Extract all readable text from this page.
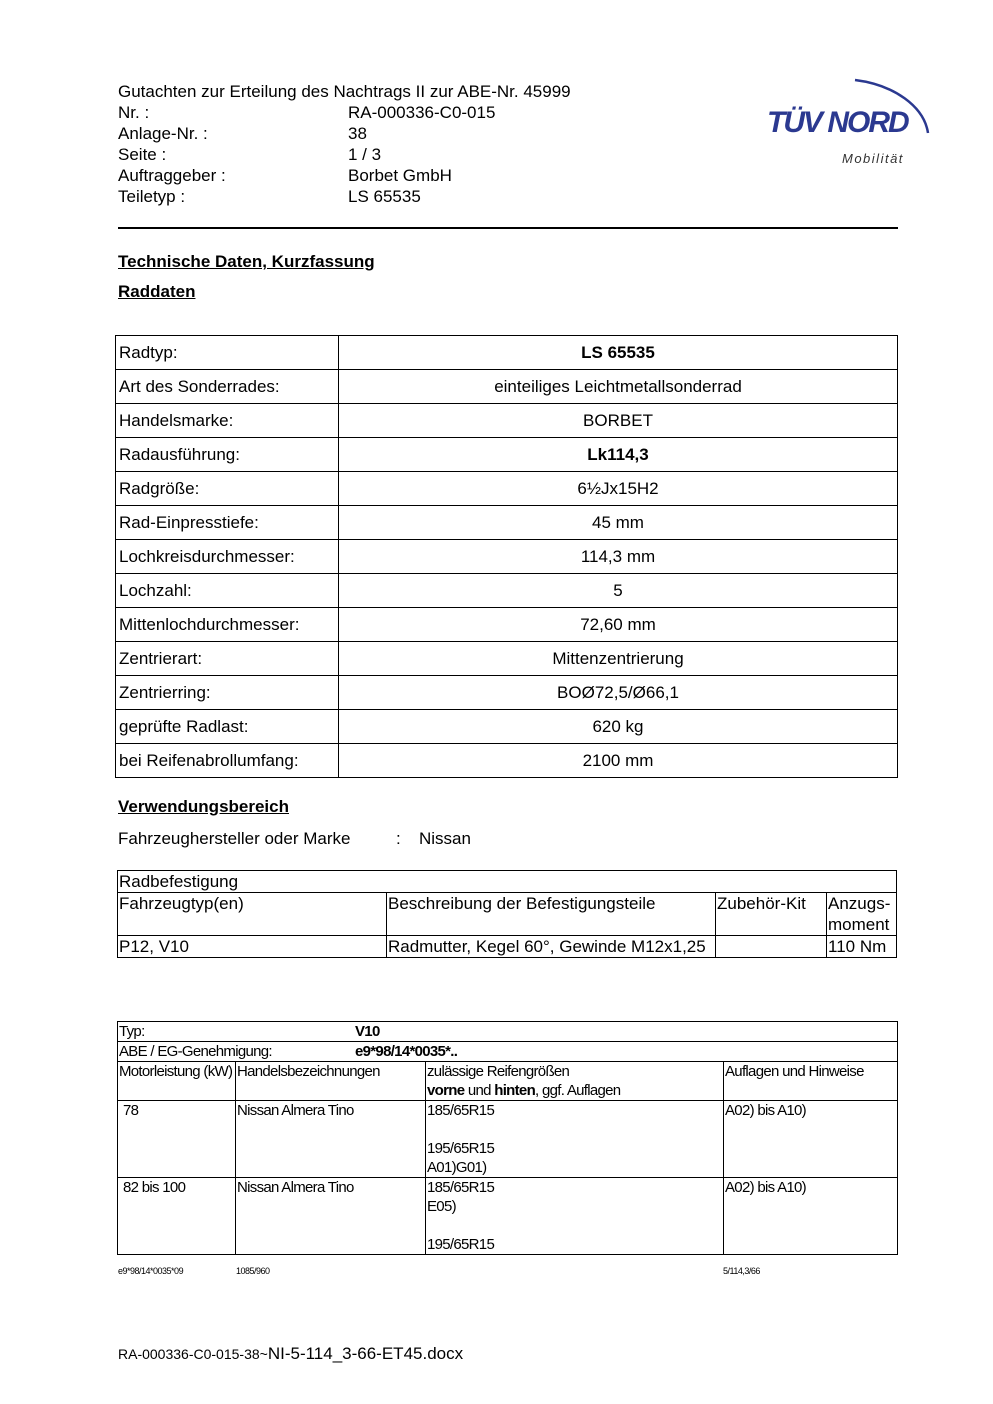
Gutachten zur Erteilung des Nachtrags II zur ABE-Nr. 45999
Nr. :	RA-000336-C0-015
Anlage-Nr. :	38
Seite :	1 / 3
Auftraggeber :	Borbet GmbH
Teiletyp :	LS 65535
TÜV NORD
Mobilität
Technische Daten, Kurzfassung
Raddaten
Radtyp:	LS 65535
Art des Sonderrades:	einteiliges Leichtmetallsonderrad
Handelsmarke:	BORBET
Radausführung:	Lk114,3
Radgröße:	6½Jx15H2
Rad-Einpresstiefe:	45 mm
Lochkreisdurchmesser:	114,3 mm
Lochzahl:	5
Mittenlochdurchmesser:	72,60 mm
Zentrierart:	Mittenzentrierung
Zentrierring:	BOØ72,5/Ø66,1
geprüfte Radlast:	620 kg
bei Reifenabrollumfang:	2100 mm
Verwendungsbereich
Fahrzeughersteller oder Marke	: Nissan
Radbefestigung			
Fahrzeugtyp(en)	Beschreibung der Befestigungsteile	Zubehör-Kit	Anzugs-moment
P12, V10	Radmutter, Kegel 60°, Gewinde M12x1,25		110 Nm
Typ: V10			
ABE / EG-Genehmigung: e9*98/14*0035*..			
Motorleistung (kW)	Handelsbezeichnungen	zulässige Reifengrößen
vorne und hinten, ggf. Auflagen	Auflagen und Hinweise
78	Nissan Almera Tino	185/65R15
195/65R15
A01)G01)	A02) bis A10)
82 bis 100	Nissan Almera Tino	185/65R15
E05)
195/65R15	A02) bis A10)
e9*98/14*0035*09	1085/960	5/114,3/66
RA-000336-C0-015-38~NI-5-114_3-66-ET45.docx
